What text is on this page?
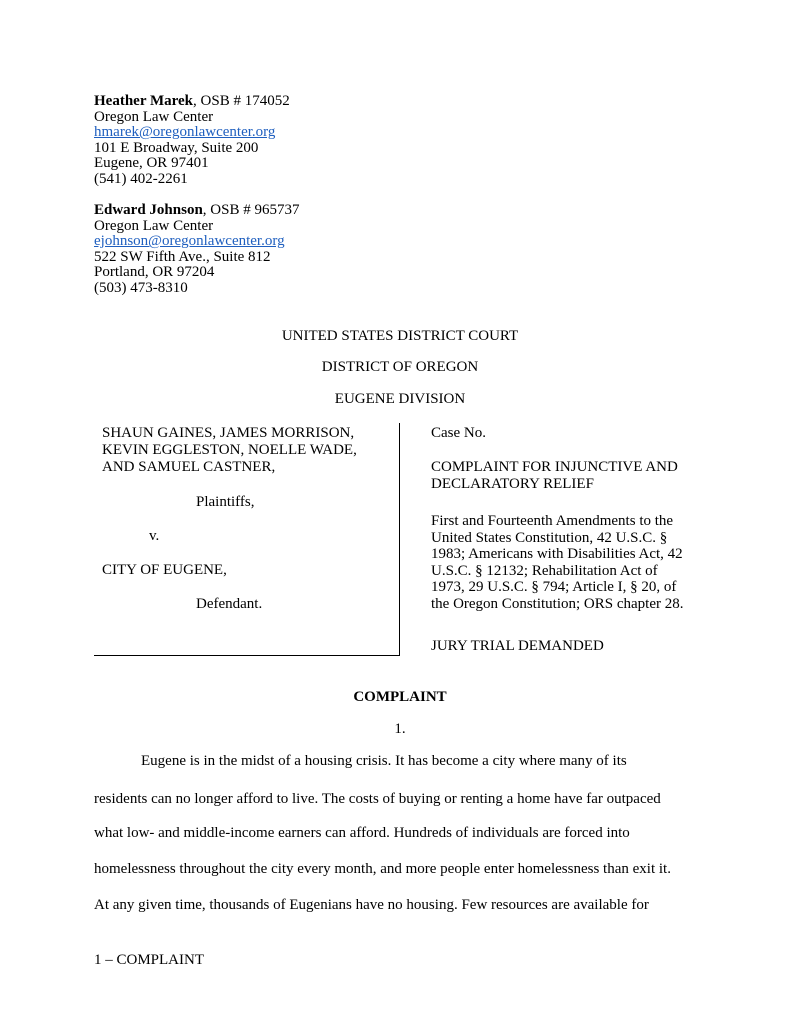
Heather Marek, OSB # 174052
Oregon Law Center
hmarek@oregonlawcenter.org
101 E Broadway, Suite 200
Eugene, OR 97401
(541) 402-2261
Edward Johnson, OSB # 965737
Oregon Law Center
ejohnson@oregonlawcenter.org
522 SW Fifth Ave., Suite 812
Portland, OR 97204
(503) 473-8310
UNITED STATES DISTRICT COURT
DISTRICT OF OREGON
EUGENE DIVISION
SHAUN GAINES, JAMES MORRISON,
KEVIN EGGLESTON, NOELLE WADE,
AND SAMUEL CASTNER,
Plaintiffs,
v.
CITY OF EUGENE,
Defendant.
Case No.
COMPLAINT FOR INJUNCTIVE AND
DECLARATORY RELIEF
First and Fourteenth Amendments to the
United States Constitution, 42 U.S.C. §
1983; Americans with Disabilities Act, 42
U.S.C. § 12132; Rehabilitation Act of
1973, 29 U.S.C. § 794; Article I, § 20, of
the Oregon Constitution; ORS chapter 28.
JURY TRIAL DEMANDED
COMPLAINT
1.
Eugene is in the midst of a housing crisis. It has become a city where many of its
residents can no longer afford to live. The costs of buying or renting a home have far outpaced
what low- and middle-income earners can afford. Hundreds of individuals are forced into
homelessness throughout the city every month, and more people enter homelessness than exit it.
At any given time, thousands of Eugenians have no housing. Few resources are available for
1 – COMPLAINT
